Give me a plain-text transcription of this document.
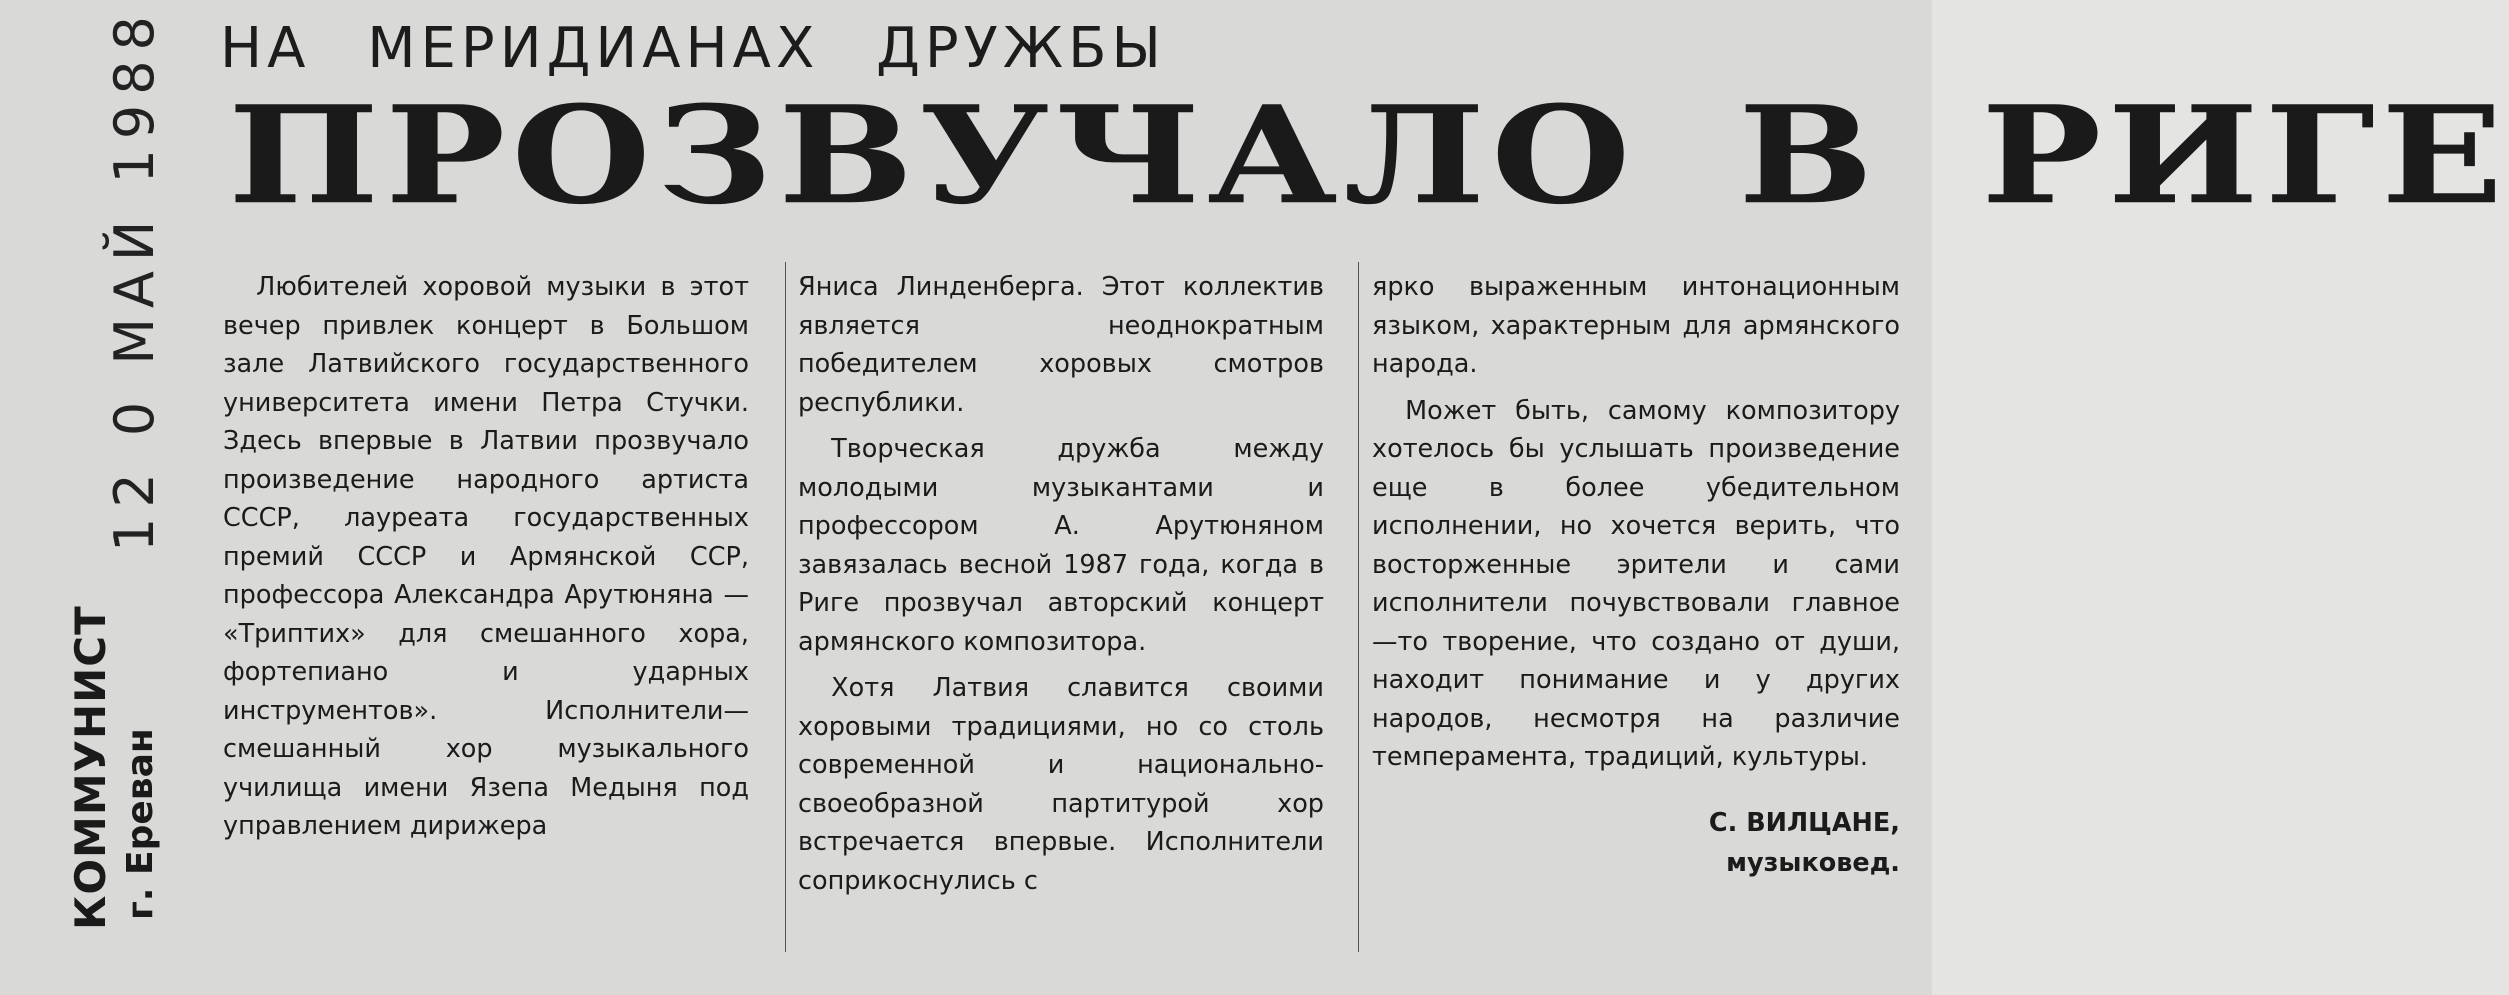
НА МЕРИДИАНАХ ДРУЖБЫ
ПРОЗВУЧАЛО В РИГЕ
12 0 МАЙ 1988
КОММУНИСТ г. Ереван

Любителей хоровой музыки в этот вечер привлек концерт в Большом зале Латвийского государственного университета имени Петра Стучки. Здесь впервые в Латвии прозвучало произведение народного артиста СССР, лауреата государственных премий СССР и Армянской ССР, профессора Александра Арутюняна — «Триптих» для смешанного хора, фортепиано и ударных инструментов». Исполнители— смешанный хор музыкального училища имени Язепа Медыня под управлением дирижера

Яниса Линденберга. Этот коллектив является неоднократным победителем хоровых смотров республики.

Творческая дружба между молодыми музыкантами и профессором А. Арутюняном завязалась весной 1987 года, когда в Риге прозвучал авторский концерт армянского композитора.

Хотя Латвия славится своими хоровыми традициями, но со столь современной и национально-своеобразной партитурой хор встречается впервые. Исполнители соприкоснулись с

ярко выраженным интонационным языком, характерным для армянского народа.

Может быть, самому композитору хотелось бы услышать произведение еще в более убедительном исполнении, но хочется верить, что восторженные эрители и сами исполнители почувствовали главное —то творение, что создано от души, находит понимание и у других народов, несмотря на различие темперамента, традиций, культуры.

С. ВИЛЦАНЕ,
музыковед.
